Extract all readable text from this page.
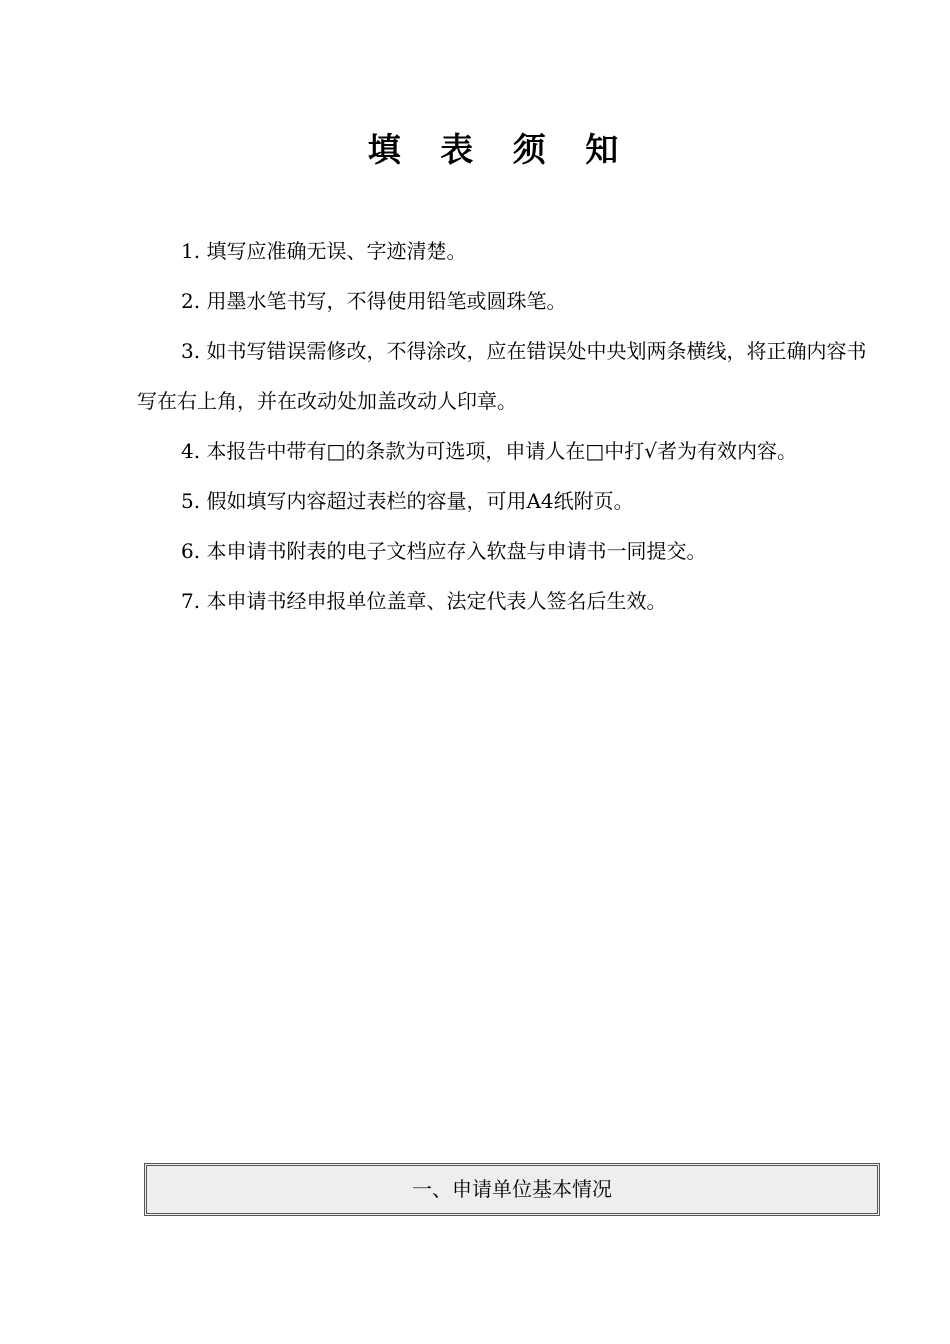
填 表 须 知

1. 填写应准确无误、字迹清楚。

2. 用墨水笔书写，不得使用铅笔或圆珠笔。

3. 如书写错误需修改，不得涂改，应在错误处中央划两条横线，将正确内容书写在右上角，并在改动处加盖改动人印章。

4. 本报告中带有□的条款为可选项，申请人在□中打√者为有效内容。

5. 假如填写内容超过表栏的容量，可用A4纸附页。

6. 本申请书附表的电子文档应存入软盘与申请书一同提交。

7. 本申请书经申报单位盖章、法定代表人签名后生效。

一、申请单位基本情况
